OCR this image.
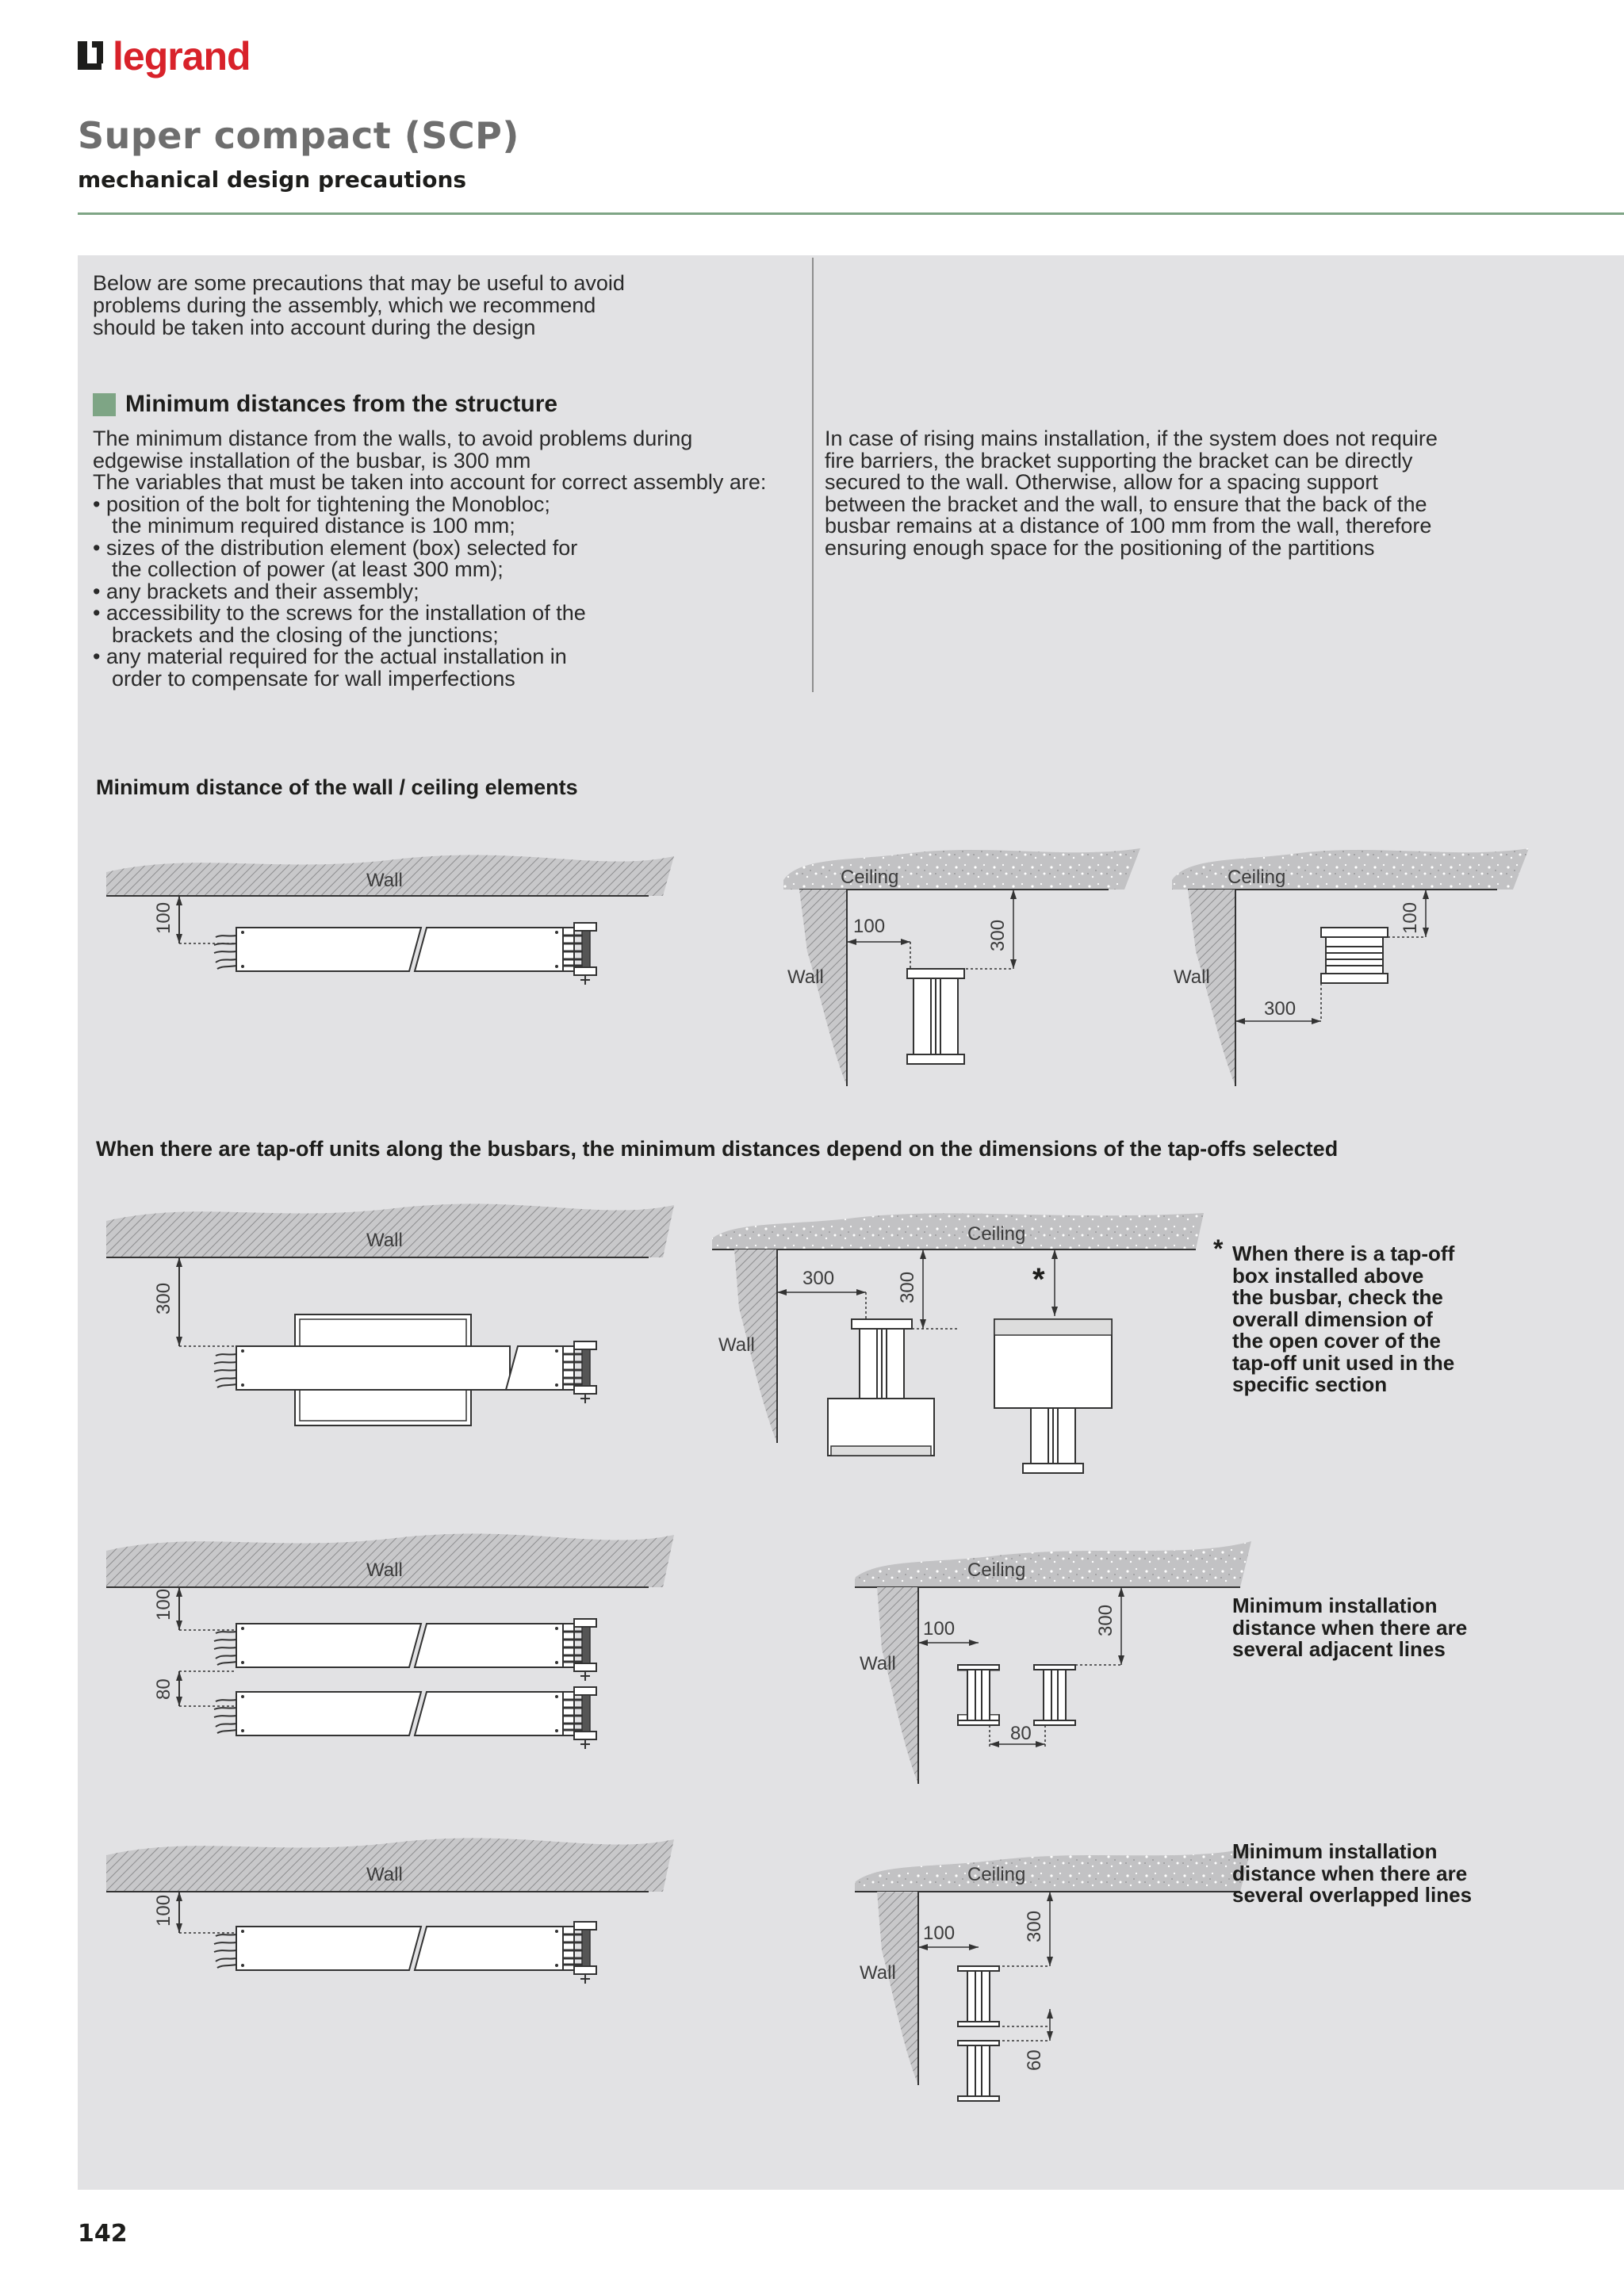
legrand
Super compact (SCP)
mechanical design precautions
Below are some precautions that may be useful to avoid
problems during the assembly, which we recommend
should be taken into account during the design
Minimum distances from the structure
The minimum distance from the walls, to avoid problems during
edgewise installation of the busbar, is 300 mm
The variables that must be taken into account for correct assembly are:
• position of the bolt for tightening the Monobloc;
the minimum required distance is 100 mm;
• sizes of the distribution element (box) selected for
the collection of power (at least 300 mm);
• any brackets and their assembly;
• accessibility to the screws for the installation of the
brackets and the closing of the junctions;
• any material required for the actual installation in
order to compensate for wall imperfections
In case of rising mains installation, if the system does not require
fire barriers, the bracket supporting the bracket can be directly
secured to the wall. Otherwise, allow for a spacing support
between the bracket and the wall, to ensure that the back of the
busbar remains at a distance of 100 mm from the wall, therefore
ensuring enough space for the positioning of the partitions
Minimum distance of the wall / ceiling elements
When there are tap-off units along the busbars, the minimum distances depend on the dimensions of the tap-offs selected
Wall
100
Ceiling
Wall
100	300
Ceiling
Wall
100
300
Wall
300
Ceiling
Wall
300	300
Wall
100
80
Ceiling
Wall
100	300
80
Wall
100
Ceiling
Wall
100	300
60
*
* When there is a tap-off
box installed above
the busbar, check the
overall dimension of
the open cover of the
tap-off unit used in the
specific section
Minimum installation
distance when there are
several adjacent lines
Minimum installation
distance when there are
several overlapped lines
142
